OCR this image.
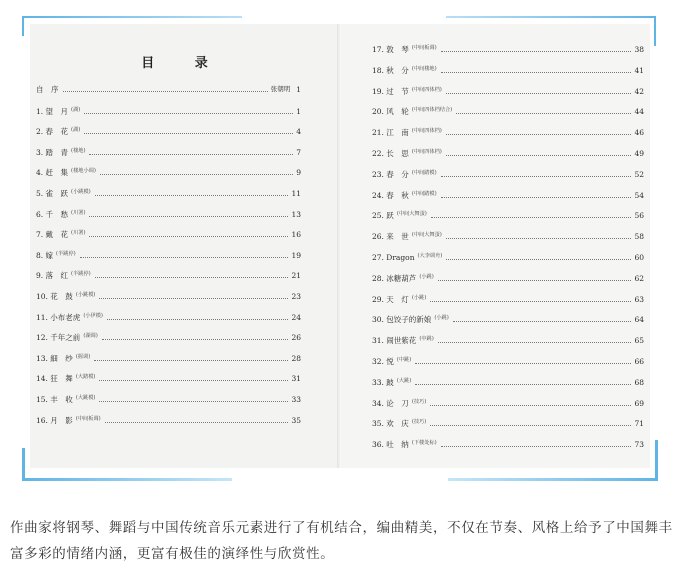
目 录
自　序	张朝明 1
1. 望　月 (湖)	1
2. 春　花 (湖)	4
3. 踏　青 (楼地)	7
4. 赶　集 (楼地小调)	9
5. 雀　跃 (小跳模)	11
6. 千　愁 (川署)	13
7. 戴　花 (川署)	16
8. 嫁 (半跳停)	19
9. 落　红 (半跳停)	21
10. 花　鼓 (小跳模)	23
11. 小布老虎 (小伊模)	24
12. 千年之前 (湖调)	26
13. 細　纱 (握调)	28
14. 狂　舞 (大踏模)	31
15. 丰　收 (大跳模)	33
16. 月　影 (中间板调)	35
17. 敦　琴 (中间板调)	38
18. 秋　分 (中间楼地)	41
19. 过　节 (中间四体档)	42
20. 风　轮 (中间四体档结合)	44
21. 江　南 (中间四体档)	46
22. 长　思 (中间四体档)	49
23. 春　分 (中间踏模)	52
24. 春　秋 (中间踏模)	54
25. 跃 (中间大舞蛋)	56
26. 来　世 (中间大舞蛋)	58
27. Dragon (大李调舟)	60
28. 冰糖葫芦 (小跳)	62
29. 天　灯 (小跳)	63
30. 包饺子的新娘 (小跳)	64
31. 闹世紫花 (中跳)	65
32. 悦 (中跳)	66
33. 跛 (大跳)	68
34. 论　刀 (技巧)	69
35. 欢　庆 (技巧)	71
36. 吐　纳 (下楼处标)	73
作曲家将钢琴、舞蹈与中国传统音乐元素进行了有机结合，编曲精美，不仅在节奏、风格上给予了中国舞丰富多彩的情绪内涵，更富有极佳的演绎性与欣赏性。
